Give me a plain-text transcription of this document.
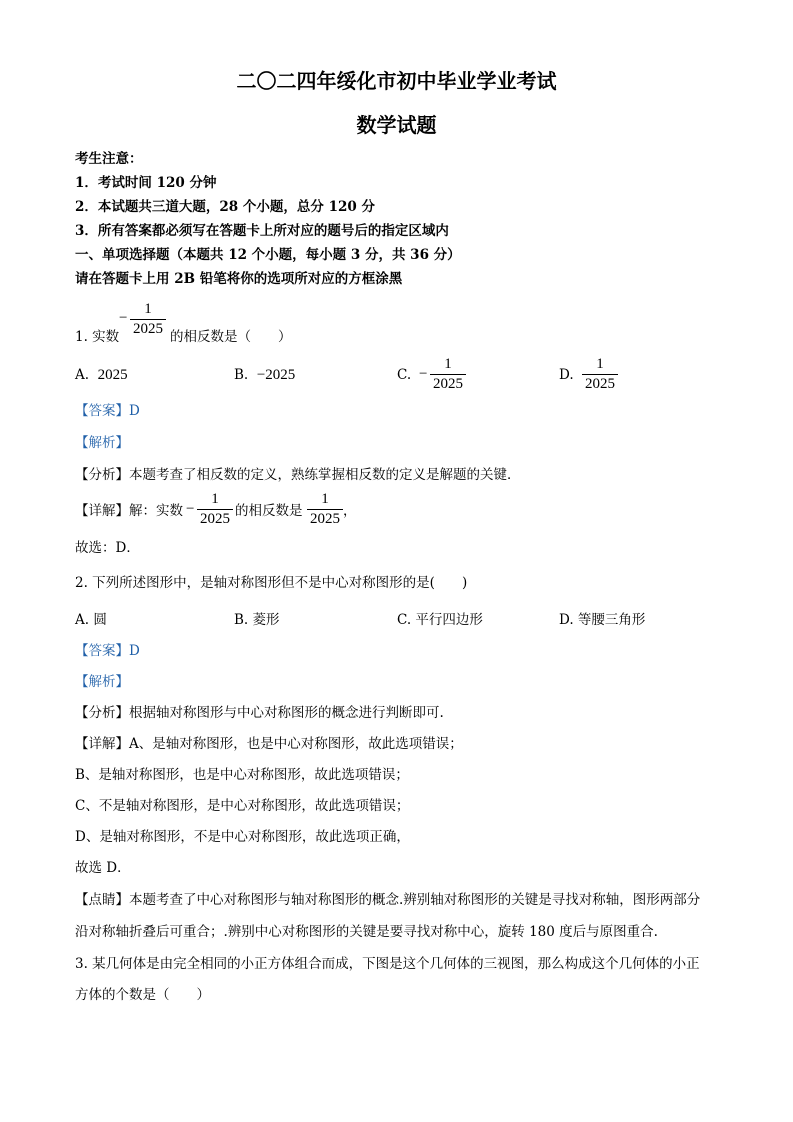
二〇二四年绥化市初中毕业学业考试
数学试题
考生注意：
1．考试时间 120 分钟
2．本试题共三道大题，28 个小题，总分 120 分
3．所有答案都必须写在答题卡上所对应的题号后的指定区域内
一、单项选择题（本题共 12 个小题，每小题 3 分，共 36 分）
请在答题卡上用 2B 铅笔将你的选项所对应的方框涂黑
1. 实数
−
1
2025 的相反数是（　　）
A. 2025	B. −2025	C. −
1
2025
D.
1
2025
【答案】D
【解析】
【分析】本题考查了相反数的定义，熟练掌握相反数的定义是解题的关键．
【详解】解：实数 −
1
2025 的相反数是
1
2025 ，
故选：D．
2. 下列所述图形中，是轴对称图形但不是中心对称图形的是(　　)
A. 圆	B. 菱形	C. 平行四边形	D. 等腰三角形
【答案】D
【解析】
【分析】根据轴对称图形与中心对称图形的概念进行判断即可.
【详解】A、是轴对称图形，也是中心对称图形，故此选项错误；
B、是轴对称图形，也是中心对称图形，故此选项错误；
C、不是轴对称图形，是中心对称图形，故此选项错误；
D、是轴对称图形，不是中心对称图形，故此选项正确，
故选 D．
【点睛】本题考查了中心对称图形与轴对称图形的概念.辨别轴对称图形的关键是寻找对称轴，图形两部分
沿对称轴折叠后可重合；.辨别中心对称图形的关键是要寻找对称中心，旋转 180 度后与原图重合.
3. 某几何体是由完全相同的小正方体组合而成，下图是这个几何体的三视图，那么构成这个几何体的小正
方体的个数是（　　）
